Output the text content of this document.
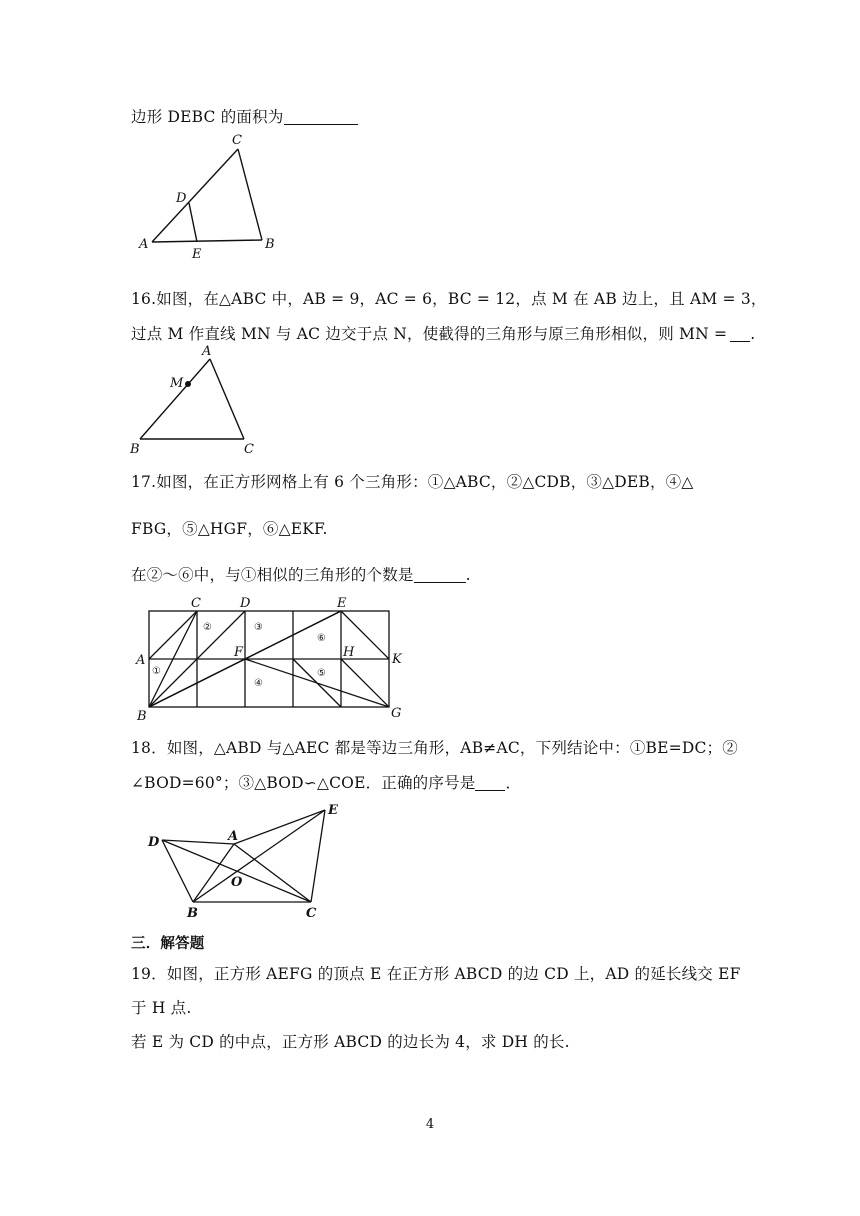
边形 DEBC 的面积为
A	B
C
D
E
16.如图，在△ABC 中，AB = 9，AC = 6，BC = 12，点 M 在 AB 边上，且 AM = 3，
过点 M 作直线 MN 与 AC 边交于点 N，使截得的三角形与原三角形相似，则 MN = .
A
M
B	C
17.如图，在正方形网格上有 6 个三角形：①△ABC，②△CDB，③△DEB，④△
FBG，⑤△HGF，⑥△EKF.
在②～⑥中，与①相似的三角形的个数是	.
A
B
C	D	E
F	H	K
G
①
②	③
④
⑤
⑥
18．如图，△ABD 与△AEC 都是等边三角形，AB≠AC，下列结论中：①BE=DC；②
∠BOD=60°；③△BOD∽△COE．正确的序号是 ．
D	A
E
O
B	C
三．解答题
19．如图，正方形 AEFG 的顶点 E 在正方形 ABCD 的边 CD 上，AD 的延长线交 EF
于 H 点.
若 E 为 CD 的中点，正方形 ABCD 的边长为 4，求 DH 的长.
4
